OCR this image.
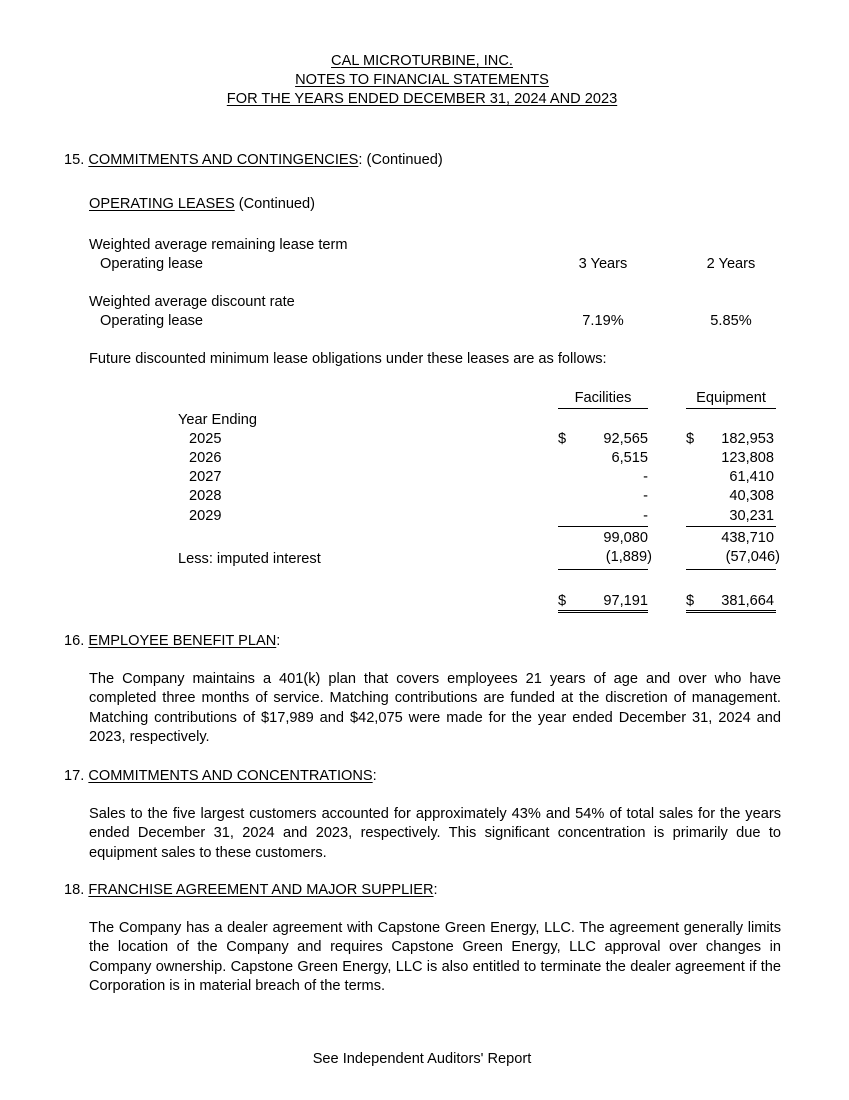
CAL MICROTURBINE, INC.
NOTES TO FINANCIAL STATEMENTS
FOR THE YEARS ENDED DECEMBER 31, 2024 AND 2023
15. COMMITMENTS AND CONTINGENCIES: (Continued)
OPERATING LEASES (Continued)
Weighted average remaining lease term
Operating lease	3 Years	2 Years
Weighted average discount rate
Operating lease	7.19%	5.85%
Future discounted minimum lease obligations under these leases are as follows:
Facilities	Equipment
Year Ending
2025	$	92,565	$	182,953
2026	6,515	123,808
2027	-	61,410
2028	-	40,308
2029	-	30,231
99,080	438,710
Less: imputed interest	(1,889)	(57,046)
$	97,191	$	381,664
16. EMPLOYEE BENEFIT PLAN:
The Company maintains a 401(k) plan that covers employees 21 years of age and over who have completed three months of service. Matching contributions are funded at the discretion of management. Matching contributions of $17,989 and $42,075 were made for the year ended December 31, 2024 and 2023, respectively.
17. COMMITMENTS AND CONCENTRATIONS:
Sales to the five largest customers accounted for approximately 43% and 54% of total sales for the years ended December 31, 2024 and 2023, respectively. This significant concentration is primarily due to equipment sales to these customers.
18. FRANCHISE AGREEMENT AND MAJOR SUPPLIER:
The Company has a dealer agreement with Capstone Green Energy, LLC. The agreement generally limits the location of the Company and requires Capstone Green Energy, LLC approval over changes in Company ownership. Capstone Green Energy, LLC is also entitled to terminate the dealer agreement if the Corporation is in material breach of the terms.
See Independent Auditors' Report
